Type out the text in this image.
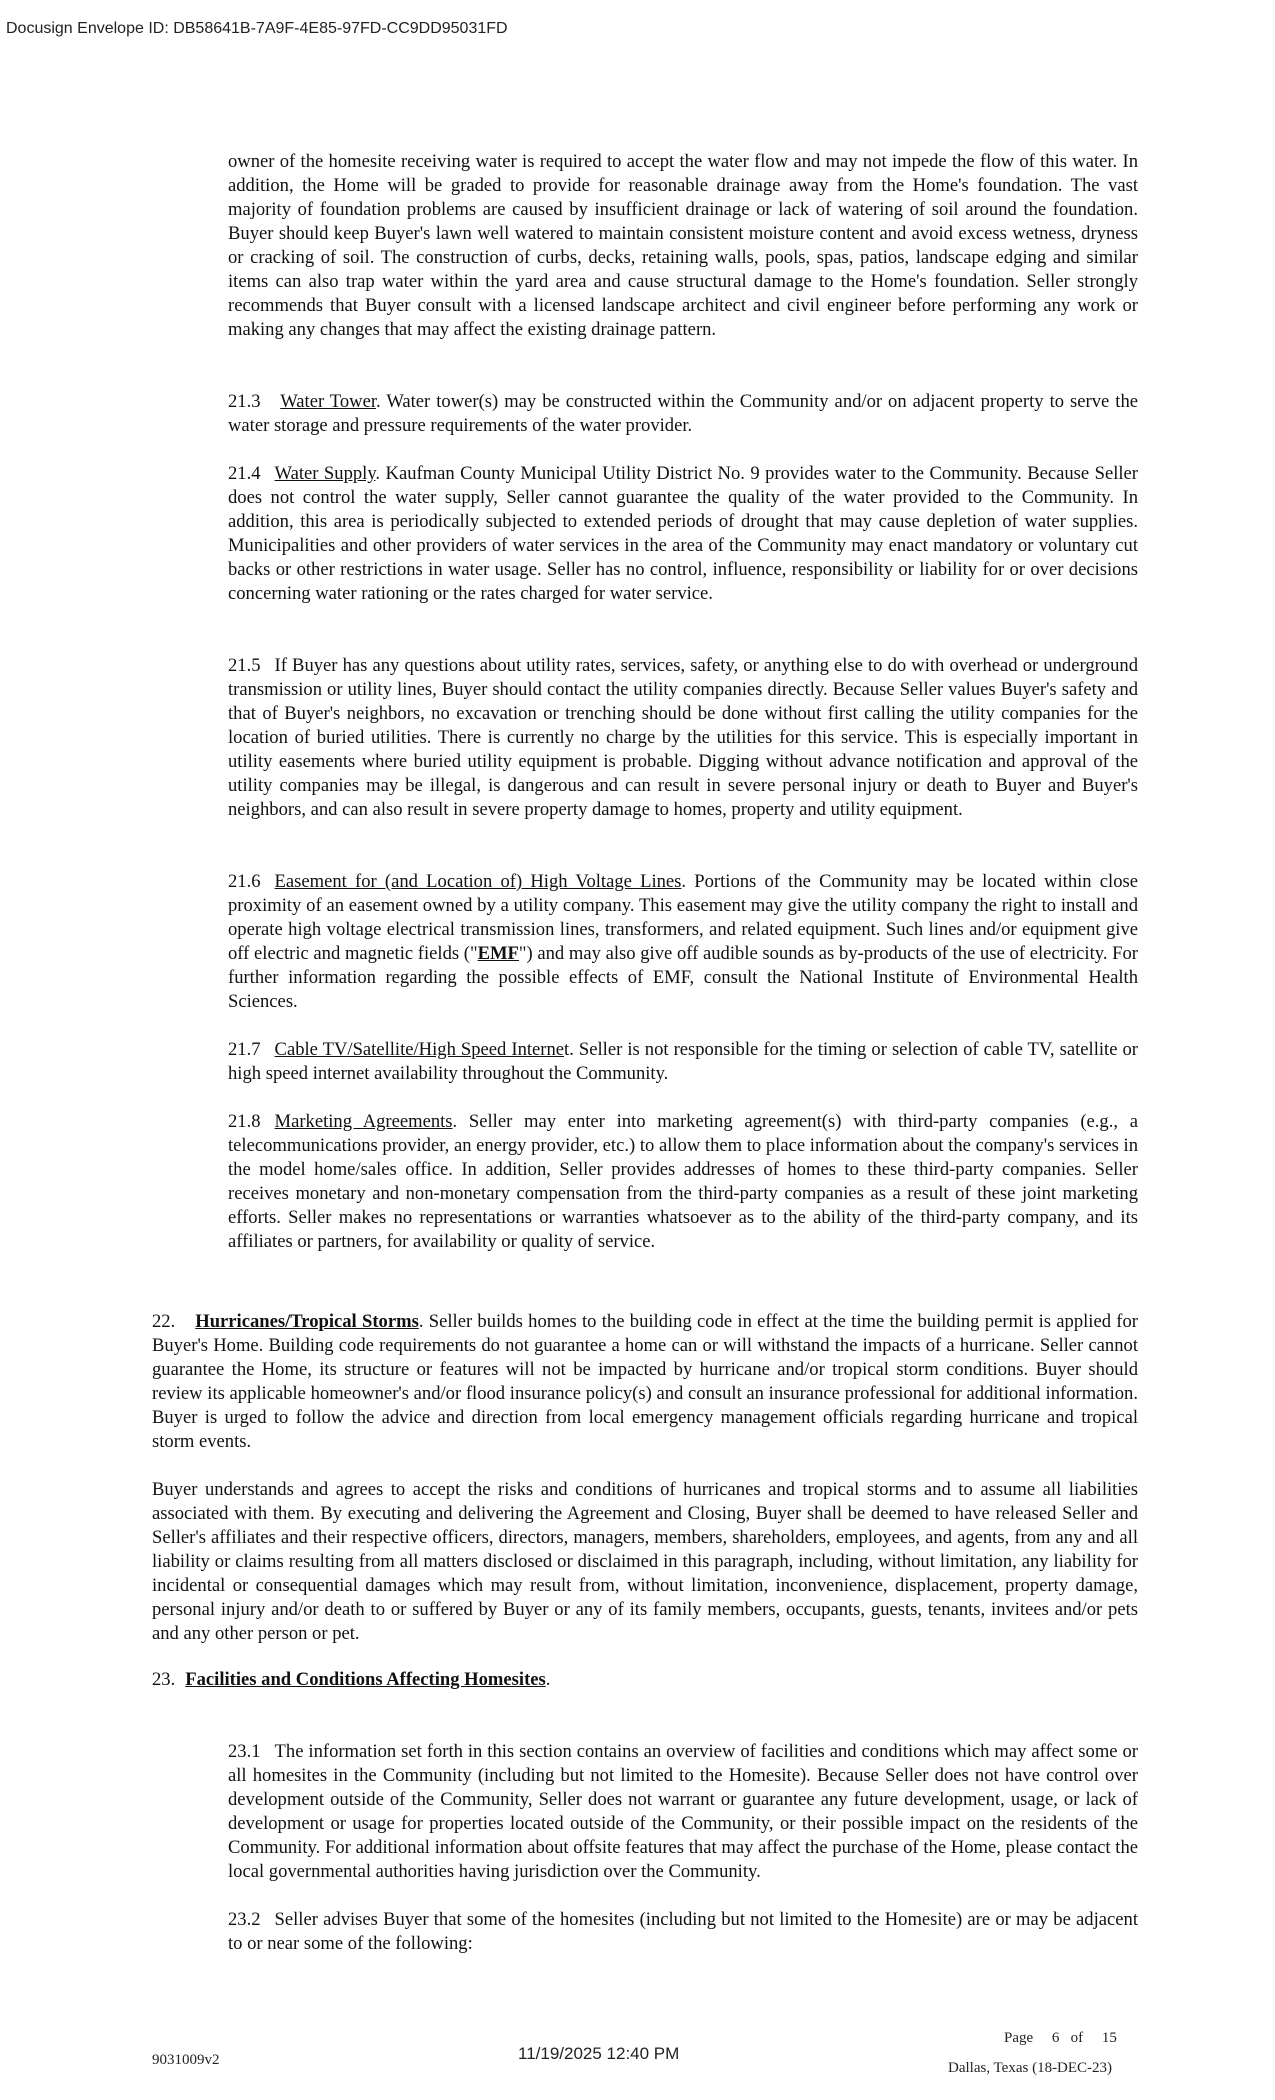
Docusign Envelope ID: DB58641B-7A9F-4E85-97FD-CC9DD95031FD

owner of the homesite receiving water is required to accept the water flow and may not impede the flow of this water. In addition, the Home will be graded to provide for reasonable drainage away from the Home's foundation. The vast majority of foundation problems are caused by insufficient drainage or lack of watering of soil around the foundation. Buyer should keep Buyer's lawn well watered to maintain consistent moisture content and avoid excess wetness, dryness or cracking of soil. The construction of curbs, decks, retaining walls, pools, spas, patios, landscape edging and similar items can also trap water within the yard area and cause structural damage to the Home's foundation. Seller strongly recommends that Buyer consult with a licensed landscape architect and civil engineer before performing any work or making any changes that may affect the existing drainage pattern.

21.3 Water Tower. Water tower(s) may be constructed within the Community and/or on adjacent property to serve the water storage and pressure requirements of the water provider.

21.4 Water Supply. Kaufman County Municipal Utility District No. 9 provides water to the Community. Because Seller does not control the water supply, Seller cannot guarantee the quality of the water provided to the Community. In addition, this area is periodically subjected to extended periods of drought that may cause depletion of water supplies. Municipalities and other providers of water services in the area of the Community may enact mandatory or voluntary cut backs or other restrictions in water usage. Seller has no control, influence, responsibility or liability for or over decisions concerning water rationing or the rates charged for water service.

21.5 If Buyer has any questions about utility rates, services, safety, or anything else to do with overhead or underground transmission or utility lines, Buyer should contact the utility companies directly. Because Seller values Buyer's safety and that of Buyer's neighbors, no excavation or trenching should be done without first calling the utility companies for the location of buried utilities. There is currently no charge by the utilities for this service. This is especially important in utility easements where buried utility equipment is probable. Digging without advance notification and approval of the utility companies may be illegal, is dangerous and can result in severe personal injury or death to Buyer and Buyer's neighbors, and can also result in severe property damage to homes, property and utility equipment.

21.6 Easement for (and Location of) High Voltage Lines. Portions of the Community may be located within close proximity of an easement owned by a utility company. This easement may give the utility company the right to install and operate high voltage electrical transmission lines, transformers, and related equipment. Such lines and/or equipment give off electric and magnetic fields ("EMF") and may also give off audible sounds as by-products of the use of electricity. For further information regarding the possible effects of EMF, consult the National Institute of Environmental Health Sciences.

21.7 Cable TV/Satellite/High Speed Internet. Seller is not responsible for the timing or selection of cable TV, satellite or high speed internet availability throughout the Community.

21.8 Marketing Agreements. Seller may enter into marketing agreement(s) with third-party companies (e.g., a telecommunications provider, an energy provider, etc.) to allow them to place information about the company's services in the model home/sales office. In addition, Seller provides addresses of homes to these third-party companies. Seller receives monetary and non-monetary compensation from the third-party companies as a result of these joint marketing efforts. Seller makes no representations or warranties whatsoever as to the ability of the third-party company, and its affiliates or partners, for availability or quality of service.

22. Hurricanes/Tropical Storms. Seller builds homes to the building code in effect at the time the building permit is applied for Buyer's Home. Building code requirements do not guarantee a home can or will withstand the impacts of a hurricane. Seller cannot guarantee the Home, its structure or features will not be impacted by hurricane and/or tropical storm conditions. Buyer should review its applicable homeowner's and/or flood insurance policy(s) and consult an insurance professional for additional information. Buyer is urged to follow the advice and direction from local emergency management officials regarding hurricane and tropical storm events.

Buyer understands and agrees to accept the risks and conditions of hurricanes and tropical storms and to assume all liabilities associated with them. By executing and delivering the Agreement and Closing, Buyer shall be deemed to have released Seller and Seller's affiliates and their respective officers, directors, managers, members, shareholders, employees, and agents, from any and all liability or claims resulting from all matters disclosed or disclaimed in this paragraph, including, without limitation, any liability for incidental or consequential damages which may result from, without limitation, inconvenience, displacement, property damage, personal injury and/or death to or suffered by Buyer or any of its family members, occupants, guests, tenants, invitees and/or pets and any other person or pet.

23. Facilities and Conditions Affecting Homesites.

23.1 The information set forth in this section contains an overview of facilities and conditions which may affect some or all homesites in the Community (including but not limited to the Homesite). Because Seller does not have control over development outside of the Community, Seller does not warrant or guarantee any future development, usage, or lack of development or usage for properties located outside of the Community, or their possible impact on the residents of the Community. For additional information about offsite features that may affect the purchase of the Home, please contact the local governmental authorities having jurisdiction over the Community.

23.2 Seller advises Buyer that some of the homesites (including but not limited to the Homesite) are or may be adjacent to or near some of the following:

Page 6 of 15
9031009v2	11/19/2025 12:40 PM
Dallas, Texas (18-DEC-23)
